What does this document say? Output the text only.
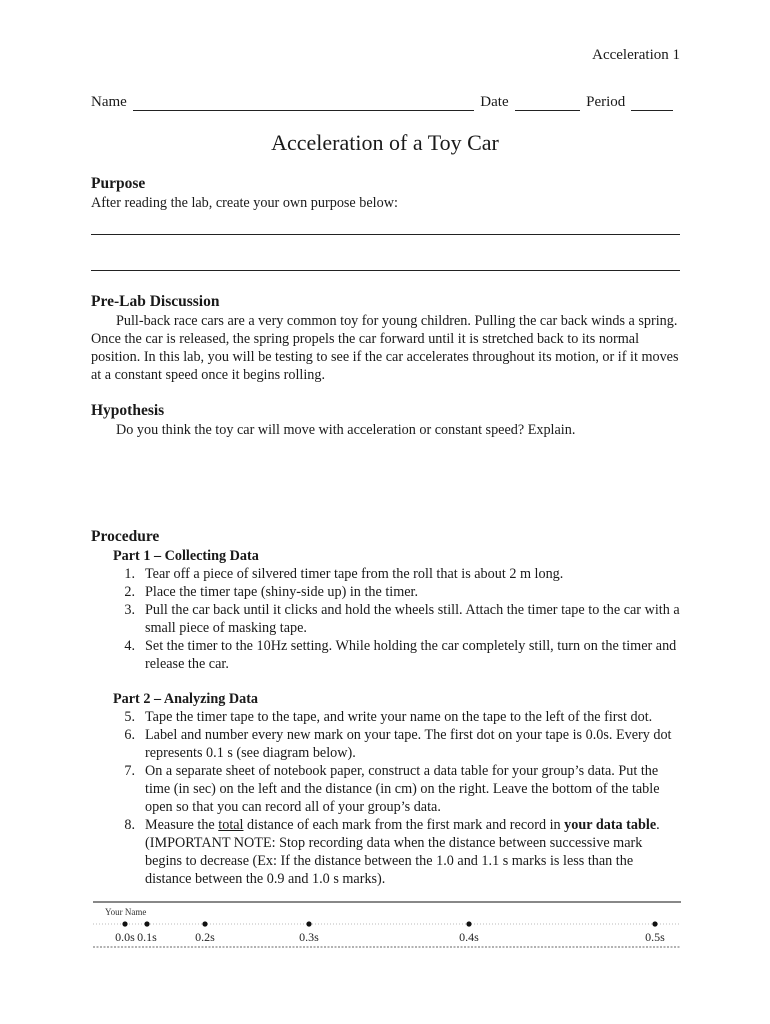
Acceleration 1
Name	Date	Period
Acceleration of a Toy Car
Purpose
After reading the lab, create your own purpose below:
Pre-Lab Discussion
Pull-back race cars are a very common toy for young children. Pulling the car back winds a spring. Once the car is released, the spring propels the car forward until it is stretched back to its normal position. In this lab, you will be testing to see if the car accelerates throughout its motion, or if it moves at a constant speed once it begins rolling.
Hypothesis
Do you think the toy car will move with acceleration or constant speed? Explain.
Procedure
Part 1 – Collecting Data
1. Tear off a piece of silvered timer tape from the roll that is about 2 m long.
2. Place the timer tape (shiny-side up) in the timer.
3. Pull the car back until it clicks and hold the wheels still. Attach the timer tape to the car with a small piece of masking tape.
4. Set the timer to the 10Hz setting. While holding the car completely still, turn on the timer and release the car.
Part 2 – Analyzing Data
5. Tape the timer tape to the tape, and write your name on the tape to the left of the first dot.
6. Label and number every new mark on your tape. The first dot on your tape is 0.0s. Every dot represents 0.1 s (see diagram below).
7. On a separate sheet of notebook paper, construct a data table for your group’s data. Put the time (in sec) on the left and the distance (in cm) on the right. Leave the bottom of the table open so that you can record all of your group’s data.
8. Measure the total distance of each mark from the first mark and record in your data table. (IMPORTANT NOTE: Stop recording data when the distance between successive mark begins to decrease (Ex: If the distance between the 1.0 and 1.1 s marks is less than the distance between the 0.9 and 1.0 s marks).
Your Name
0.0s 0.1s	0.2s	0.3s	0.4s	0.5s
